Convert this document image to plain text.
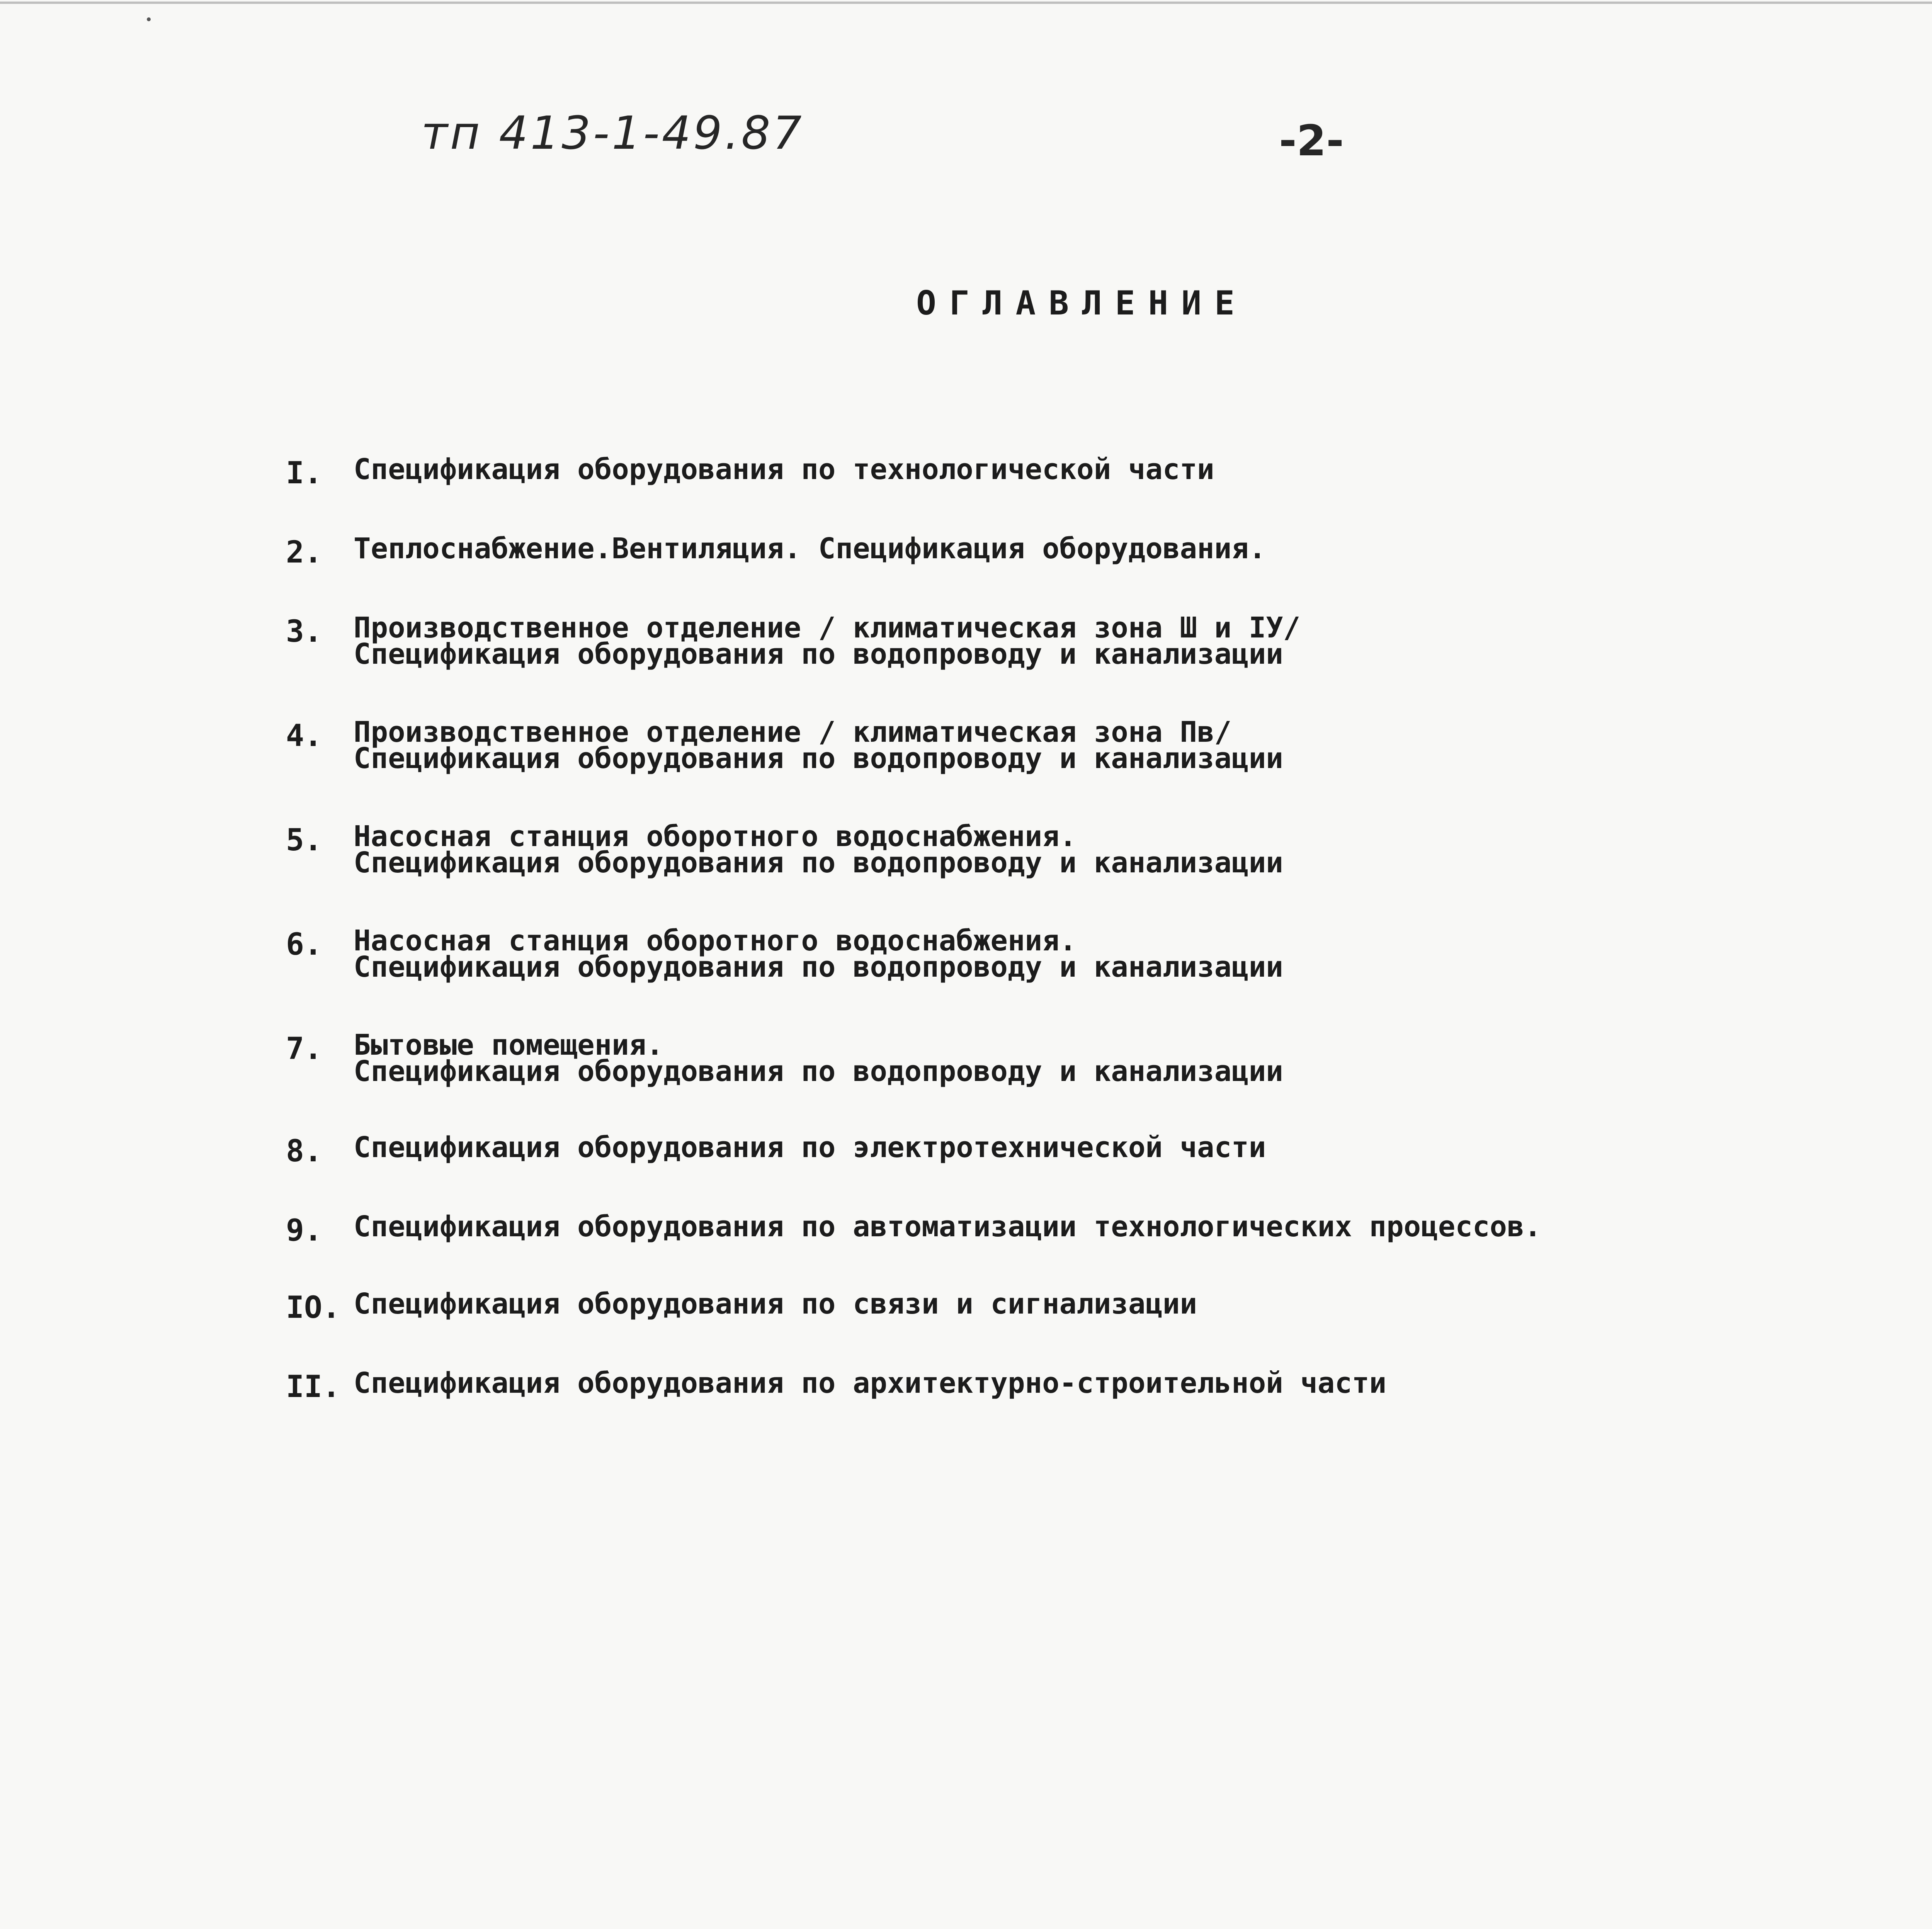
тп 413-1-49.87	-2-
ОГЛАВЛЕНИЕ
I. Спецификация оборудования по технологической части
2. Теплоснабжение.Вентиляция. Спецификация оборудования.
3. Производственное отделение / климатическая зона Ш и IУ/
Спецификация оборудования по водопроводу и канализации
4. Производственное отделение / климатическая зона Пв/
Спецификация оборудования по водопроводу и канализации
5. Насосная станция оборотного водоснабжения.
Спецификация оборудования по водопроводу и канализации
6. Насосная станция оборотного водоснабжения.
Спецификация оборудования по водопроводу и канализации
7. Бытовые помещения.
Спецификация оборудования по водопроводу и канализации
8. Спецификация оборудования по электротехнической части
9. Спецификация оборудования по автоматизации технологических процессов.
IО. Спецификация оборудования по связи и сигнализации
II. Спецификация оборудования по архитектурно-строительной части
